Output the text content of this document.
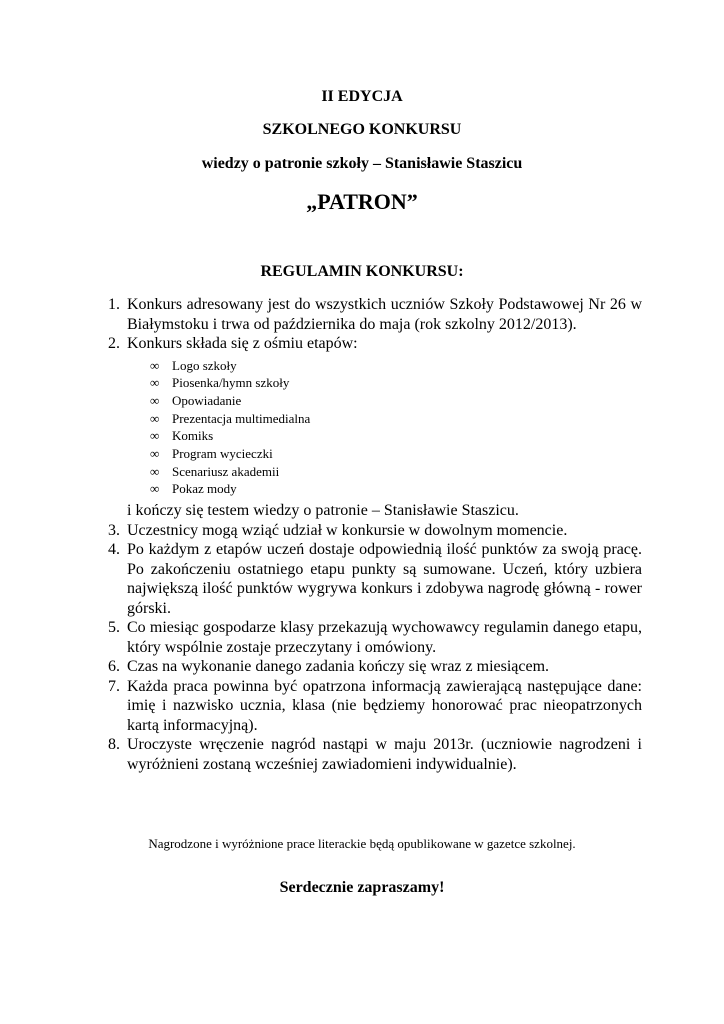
II EDYCJA

SZKOLNEGO KONKURSU

wiedzy o patronie szkoły – Stanisławie Staszicu

„PATRON”

REGULAMIN KONKURSU:

1. Konkurs adresowany jest do wszystkich uczniów Szkoły Podstawowej Nr 26 w Białymstoku i trwa od października do maja (rok szkolny 2012/2013).
2. Konkurs składa się z ośmiu etapów:
∞ Logo szkoły
∞ Piosenka/hymn szkoły
∞ Opowiadanie
∞ Prezentacja multimedialna
∞ Komiks
∞ Program wycieczki
∞ Scenariusz akademii
∞ Pokaz mody

i kończy się testem wiedzy o patronie – Stanisławie Staszicu.

3. Uczestnicy mogą wziąć udział w konkursie w dowolnym momencie.
4. Po każdym z etapów uczeń dostaje odpowiednią ilość punktów za swoją pracę. Po zakończeniu ostatniego etapu punkty są sumowane. Uczeń, który uzbiera największą ilość punktów wygrywa konkurs i zdobywa nagrodę główną - rower górski.
5. Co miesiąc gospodarze klasy przekazują wychowawcy regulamin danego etapu, który wspólnie zostaje przeczytany i omówiony.
6. Czas na wykonanie danego zadania kończy się wraz z miesiącem.
7. Każda praca powinna być opatrzona informacją zawierającą następujące dane: imię i nazwisko ucznia, klasa (nie będziemy honorować prac nieopatrzonych kartą informacyjną).
8. Uroczyste wręczenie nagród nastąpi w maju 2013r. (uczniowie nagrodzeni i wyróżnieni zostaną wcześniej zawiadomieni indywidualnie).

Nagrodzone i wyróżnione prace literackie będą opublikowane w gazetce szkolnej.

Serdecznie zapraszamy!
